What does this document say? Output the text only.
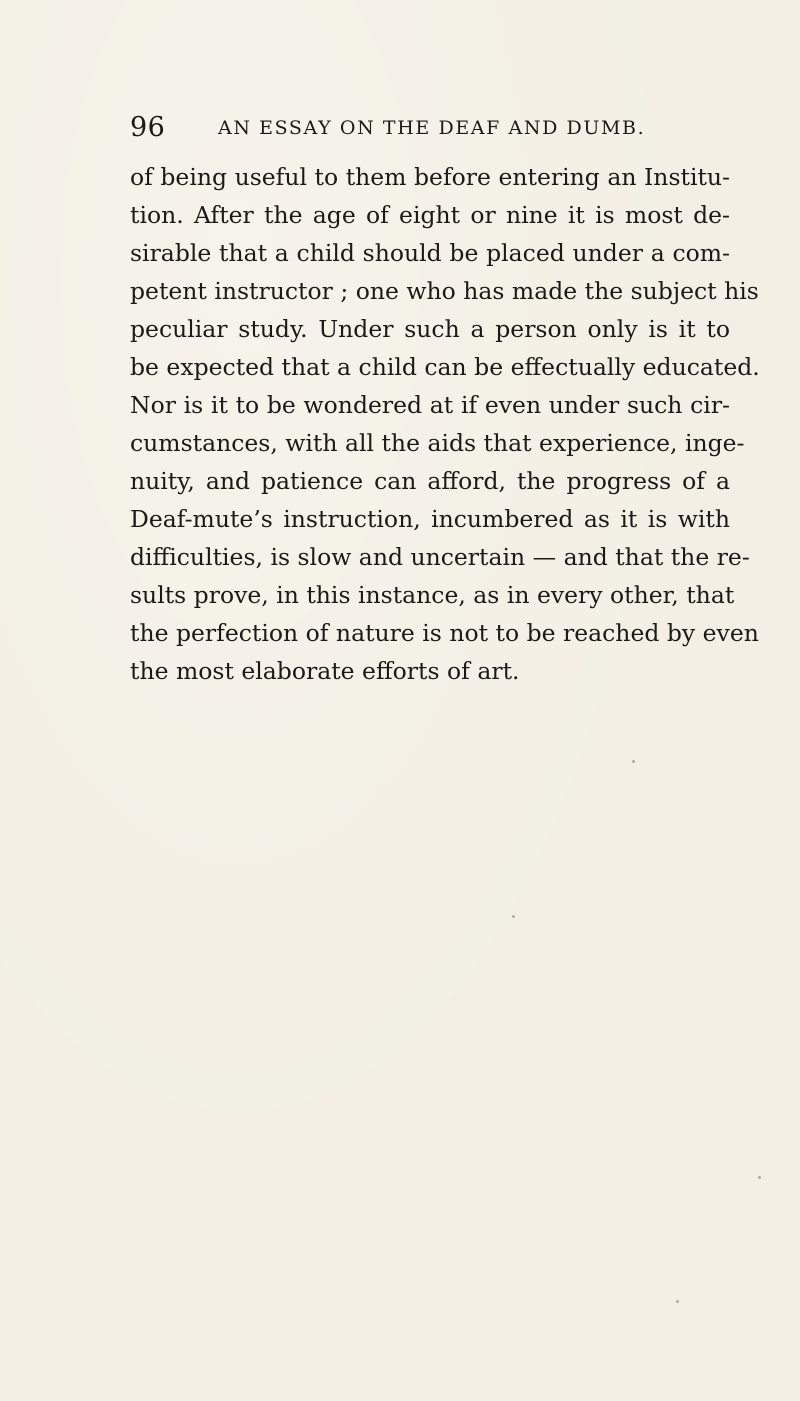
96	AN ESSAY ON THE DEAF AND DUMB.
of being useful to them before entering an Institu-
tion. After the age of eight or nine it is most de-
sirable that a child should be placed under a com-
petent instructor ; one who has made the subject his
peculiar study. Under such a person only is it to
be expected that a child can be effectually educated.
Nor is it to be wondered at if even under such cir-
cumstances, with all the aids that experience, inge-
nuity, and patience can afford, the progress of a
Deaf-mute’s instruction, incumbered as it is with
difficulties, is slow and uncertain — and that the re-
sults prove, in this instance, as in every other, that
the perfection of nature is not to be reached by even
the most elaborate efforts of art.
